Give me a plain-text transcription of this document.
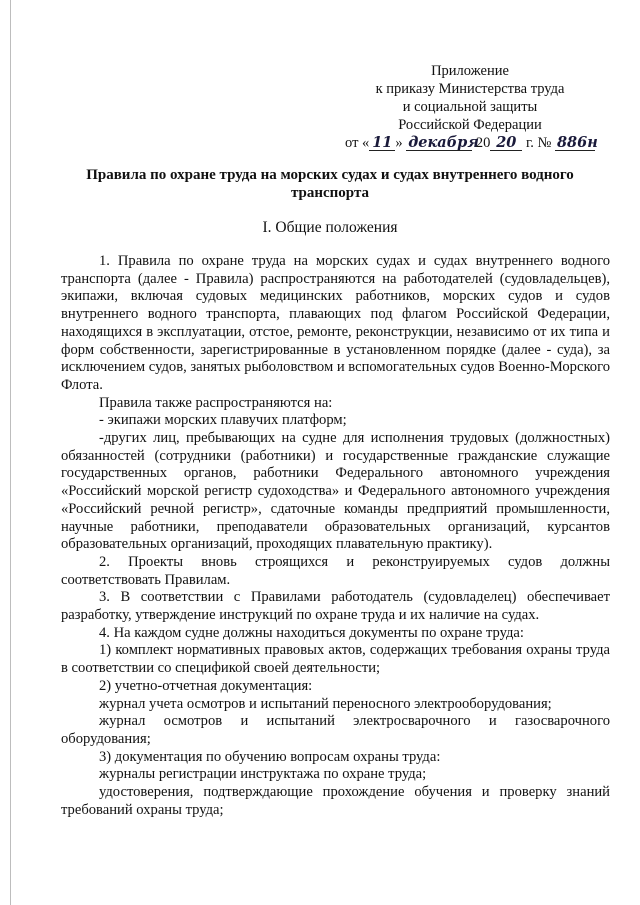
Приложение
к приказу Министерства труда
и социальной защиты
Российской Федерации
от « 11 » декабря 20 20 г. № 886н
Правила по охране труда на морских судах и судах внутреннего водного транспорта
I. Общие положения

1. Правила по охране труда на морских судах и судах внутреннего водного транспорта (далее - Правила) распространяются на работодателей (судовладельцев), экипажи, включая судовых медицинских работников, морских судов и судов внутреннего водного транспорта, плавающих под флагом Российской Федерации, находящихся в эксплуатации, отстое, ремонте, реконструкции, независимо от их типа и форм собственности, зарегистрированные в установленном порядке (далее - суда), за исключением судов, занятых рыболовством и вспомогательных судов Военно-Морского Флота.

Правила также распространяются на:

- экипажи морских плавучих платформ;

-других лиц, пребывающих на судне для исполнения трудовых (должностных) обязанностей (сотрудники (работники) и государственные гражданские служащие государственных органов, работники Федерального автономного учреждения «Российский морской регистр судоходства» и Федерального автономного учреждения «Российский речной регистр», сдаточные команды предприятий промышленности, научные работники, преподаватели образовательных организаций, курсантов образовательных организаций, проходящих плавательную практику).

2. Проекты вновь строящихся и реконструируемых судов должны соответствовать Правилам.

3. В соответствии с Правилами работодатель (судовладелец) обеспечивает разработку, утверждение инструкций по охране труда и их наличие на судах.

4. На каждом судне должны находиться документы по охране труда:

1) комплект нормативных правовых актов, содержащих требования охраны труда в соответствии со спецификой своей деятельности;

2) учетно-отчетная документация:

журнал учета осмотров и испытаний переносного электрооборудования;

журнал осмотров и испытаний электросварочного и газосварочного оборудования;

3) документация по обучению вопросам охраны труда:

журналы регистрации инструктажа по охране труда;

удостоверения, подтверждающие прохождение обучения и проверку знаний требований охраны труда;
